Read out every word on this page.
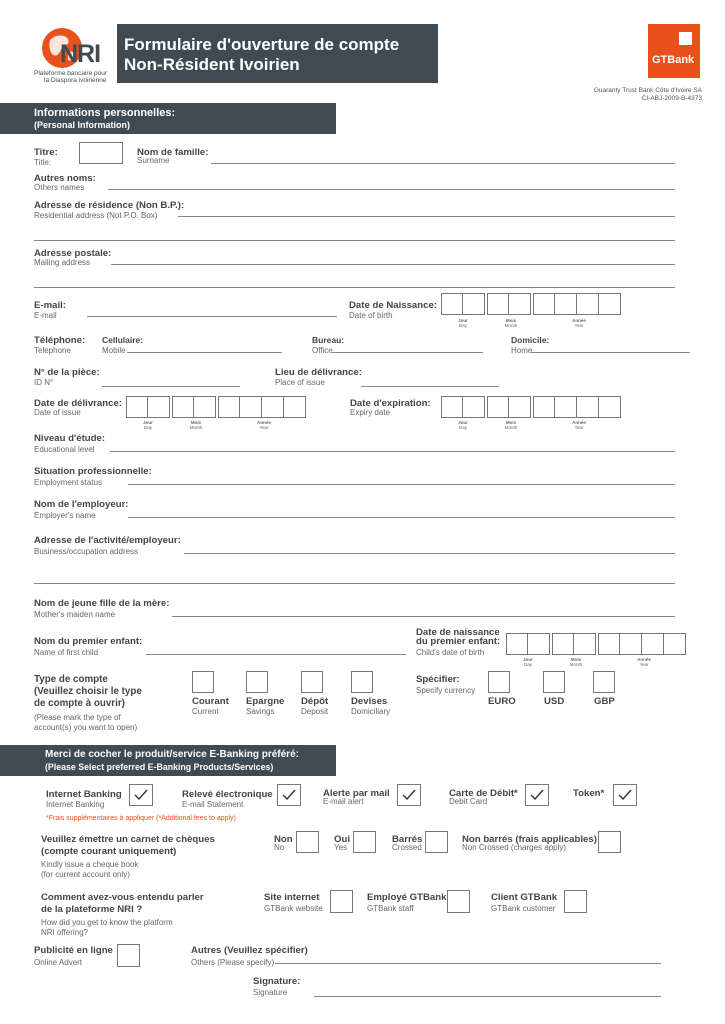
NRI
Plateforme bancaire pour
la Diaspora ivoirienne
Formulaire d'ouverture de compte
Non-Résident Ivoirien	GTBank
Guaranty Trust Bank Côte d'Ivoire SA
CI-ABJ-2009-B-4373
Informations personnelles:
(Personal Information)
Titre:
Title:
Nom de famille:
Surname
Autres noms:
Others names
Adresse de résidence (Non B.P.):
Residential address (Not P.O. Box)
Adresse postale:
Mailing address
E-mail:
E-mail
Date de Naissance:
Date of birth
Jour
Day
Mois
Month
Année
Year
Téléphone:
Telephone
Cellulaire:
Mobile
Bureau:
Office
Domicile:
Home
N° de la pièce:
ID N°
Lieu de délivrance:
Place of issue
Date de délivrance:
Date of issue
Jour
Day
Mois
Month
Année
Year
Date d'expiration:
Expiry date
Jour
Day
Mois
Month
Année
Year
Niveau d'étude:
Educational level
Situation professionnelle:
Employment status
Nom de l'employeur:
Employer's name
Adresse de l'activité/employeur:
Business/occupation address
Nom de jeune fille de la mère:
Mother's maiden name
Nom du premier enfant:
Name of first child
Date de naissance
du premier enfant:
Child's date of birth
Jour
Day
Mois
Month
Année
Year
Type de compte
(Veuillez choisir le type
de compte à ouvrir)
(Please mark the type of
account(s) you want to open)
Courant
Current
Epargne
Savings
Dépôt
Deposit
Devises
Domiciliary
Spécifier:
Specify currency
EURO	USD	GBP
Merci de cocher le produit/service E-Banking préféré:
(Please Select preferred E-Banking Products/Services)
Internet Banking
Internet Banking
Relevé électronique
E-mail Statement
Alerte par mail
E-mail alert
Carte de Débit*
Debit Card
Token*
*Frais supplémentaires à appliquer (*Additional fees to apply)
Veuillez émettre un carnet de chèques
(compte courant uniquement)
Kindly issue a cheque book
(for current account only)
Non
No
Oui
Yes
Barrés
Crossed
Non barrés (frais applicables)
Non Crossed (charges apply)
Comment avez-vous entendu parler
de la plateforme NRI ?
How did you get to know the platform
NRI offering?
Site internet
GTBank website
Employé GTBank
GTBank staff
Client GTBank
GTBank customer
Publicité en ligne
Online Advert
Autres (Veuillez spécifier)
Others (Please specify)
Signature:
Signature
